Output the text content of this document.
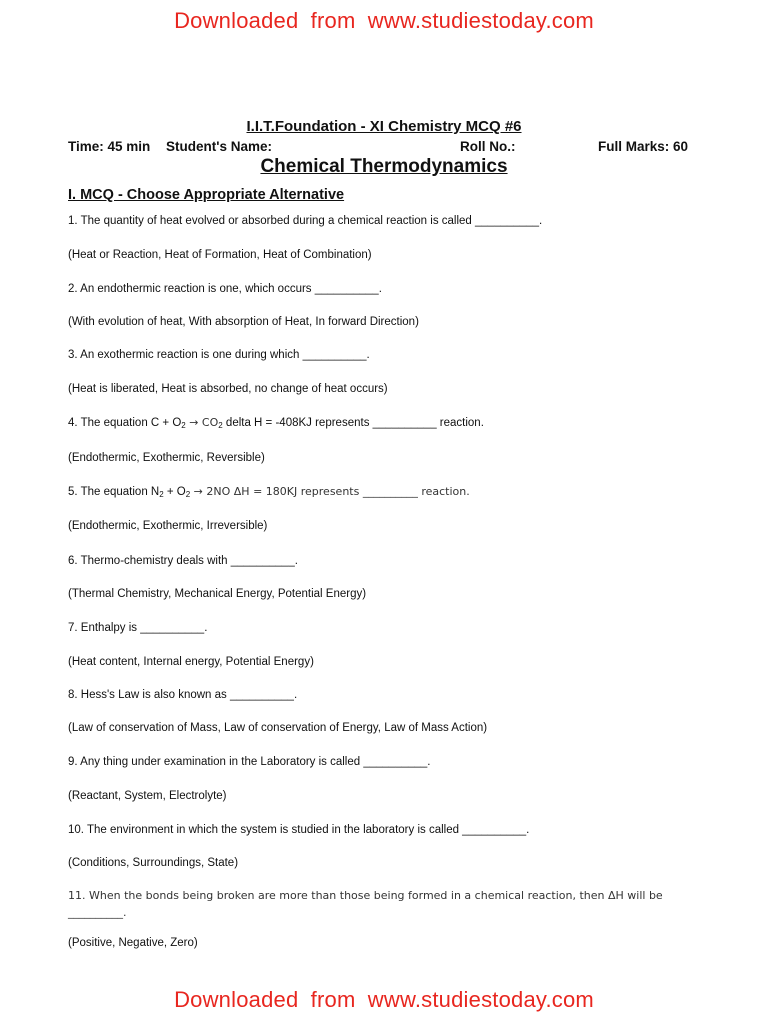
Downloaded from www.studiestoday.com
I.I.T.Foundation - XI Chemistry MCQ #6
Time: 45 min Student's Name:	Roll No.:	Full Marks: 60
Chemical Thermodynamics
I. MCQ - Choose Appropriate Alternative
1. The quantity of heat evolved or absorbed during a chemical reaction is called __________.
(Heat or Reaction, Heat of Formation, Heat of Combination)
2. An endothermic reaction is one, which occurs __________.
(With evolution of heat, With absorption of Heat, In forward Direction)
3. An exothermic reaction is one during which __________.
(Heat is liberated, Heat is absorbed, no change of heat occurs)
4. The equation $C + O_2 \to CO_2$ delta H = -408KJ represents __________ reaction.
(Endothermic, Exothermic, Reversible)
5. The equation $N_2 + O_2 \to 2NO$ ΔH = 180KJ represents __________ reaction.
(Endothermic, Exothermic, Irreversible)
6. Thermo-chemistry deals with __________.
(Thermal Chemistry, Mechanical Energy, Potential Energy)
7. Enthalpy is __________.
(Heat content, Internal energy, Potential Energy)
8. Hess's Law is also known as __________.
(Law of conservation of Mass, Law of conservation of Energy, Law of Mass Action)
9. Any thing under examination in the Laboratory is called __________.
(Reactant, System, Electrolyte)
10. The environment in which the system is studied in the laboratory is called __________.
(Conditions, Surroundings, State)
11. When the bonds being broken are more than those being formed in a chemical reaction, then ΔH will be __________.
(Positive, Negative, Zero)
Downloaded from www.studiestoday.com
